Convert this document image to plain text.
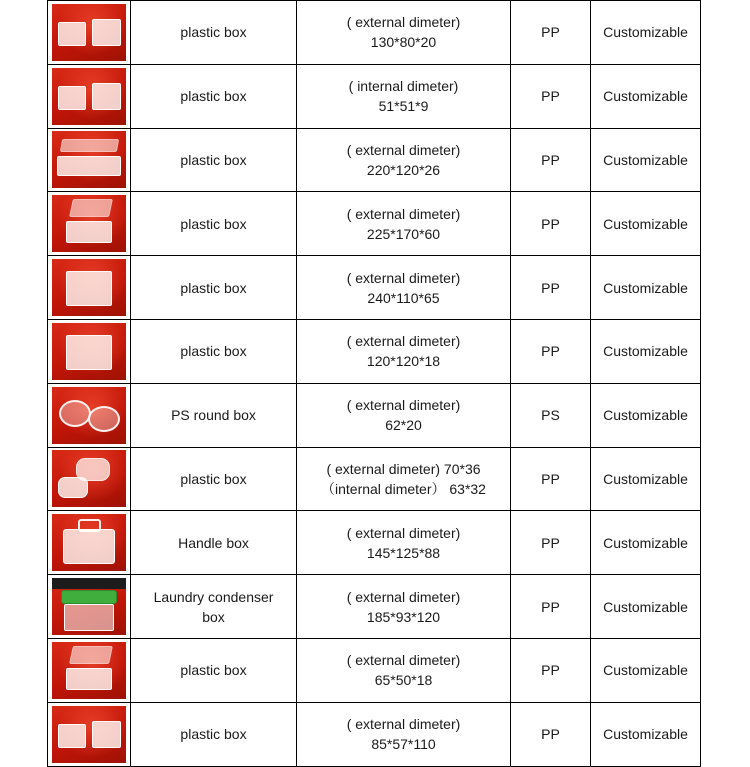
	plastic box	( external dimeter)
130*80*20	PP	Customizable

	plastic box	( internal dimeter)
51*51*9	PP	Customizable

	plastic box	( external dimeter)
220*120*26	PP	Customizable

	plastic box	( external dimeter)
225*170*60	PP	Customizable

	plastic box	( external dimeter)
240*110*65	PP	Customizable

	plastic box	( external dimeter)
120*120*18	PP	Customizable

	PS round box	( external dimeter)
62*20	PS	Customizable

	plastic box	( external dimeter) 70*36
（internal dimeter） 63*32	PP	Customizable

	Handle box	( external dimeter)
145*125*88	PP	Customizable

	Laundry condenser box	( external dimeter)
185*93*120	PP	Customizable

	plastic box	( external dimeter)
65*50*18	PP	Customizable

	plastic box	( external dimeter)
85*57*110	PP	Customizable
